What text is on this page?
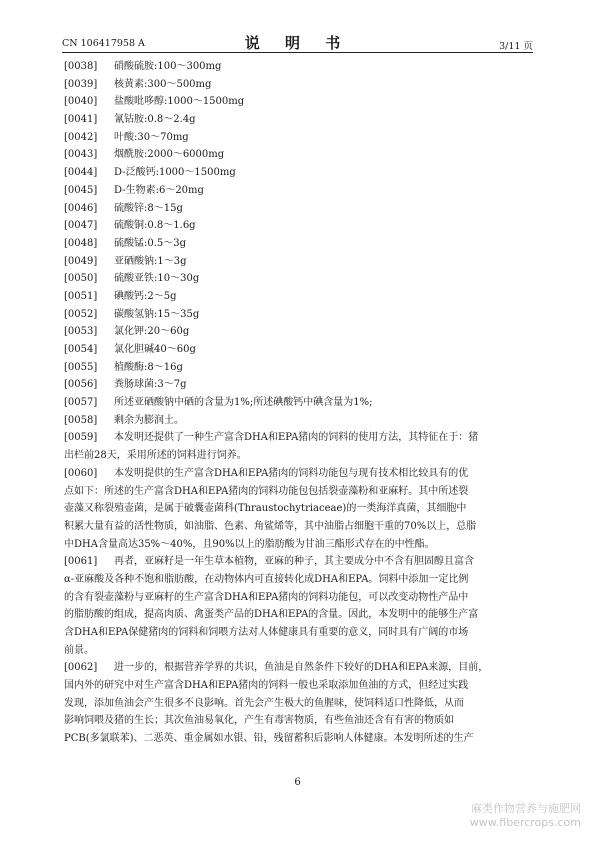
CN 106417958 A	说 明 书	3/11 页
[0038] 硝酸硫胺:100～300mg
[0039] 核黄素:300～500mg
[0040] 盐酸吡哆醇:1000～1500mg
[0041] 氰钴胺:0.8～2.4g
[0042] 叶酸:30～70mg
[0043] 烟酰胺:2000～6000mg
[0044] D-泛酸钙:1000～1500mg
[0045] D-生物素:6～20mg
[0046] 硫酸锌:8～15g
[0047] 硫酸铜:0.8～1.6g
[0048] 硫酸锰:0.5～3g
[0049] 亚硒酸钠:1～3g
[0050] 硫酸亚铁:10～30g
[0051] 碘酸钙:2～5g
[0052] 碳酸氢钠:15～35g
[0053] 氯化钾:20～60g
[0054] 氯化胆碱40～60g
[0055] 植酸酶:8～16g
[0056] 粪肠球菌:3～7g
[0057] 所述亚硒酸钠中硒的含量为1%;所述碘酸钙中碘含量为1%;
[0058] 剩余为膨润土。
[0059] 本发明还提供了一种生产富含DHA和EPA猪肉的饲料的使用方法，其特征在于：猪
出栏前28天，采用所述的饲料进行饲养。
[0060] 本发明提供的生产富含DHA和EPA猪肉的饲料功能包与现有技术相比较具有的优
点如下：所述的生产富含DHA和EPA猪肉的饲料功能包包括裂壶藻粉和亚麻籽。其中所述裂
壶藻又称裂殖壶菌，是属于破囊壶菌科(Thraustochytriaceae)的一类海洋真菌，其细胞中
积累大量有益的活性物质，如油脂、色素、角鲨烯等，其中油脂占细胞干重的70%以上，总脂
中DHA含量高达35%～40%，且90%以上的脂肪酸为甘油三酯形式存在的中性酯。
[0061] 再者，亚麻籽是一年生草本植物，亚麻的种子，其主要成分中不含有胆固醇且富含
α-亚麻酸及各种不饱和脂肪酸，在动物体内可直接转化成DHA和EPA。饲料中添加一定比例
的含有裂壶藻粉与亚麻籽的生产富含DHA和EPA猪肉的饲料功能包，可以改变动物性产品中
的脂肪酸的组成，提高肉质、禽蛋类产品的DHA和EPA的含量。因此，本发明中的能够生产富
含DHA和EPA保健猪肉的饲料和饲喂方法对人体健康具有重要的意义，同时具有广阔的市场
前景。
[0062] 进一步的，根据营养学界的共识，鱼油是自然条件下较好的DHA和EPA来源，目前，
国内外的研究中对生产富含DHA和EPA猪肉的饲料一般也采取添加鱼油的方式，但经过实践
发现，添加鱼油会产生很多不良影响。首先会产生极大的鱼腥味，使饲料适口性降低，从而
影响饲喂及猪的生长；其次鱼油易氧化，产生有毒害物质，有些鱼油还含有有害的物质如
PCB(多氯联苯)、二恶英、重金属如水银、铅，残留蓄积后影响人体健康。本发明所述的生产
6
麻类作物营养与施肥网
www.fibercrops.com
